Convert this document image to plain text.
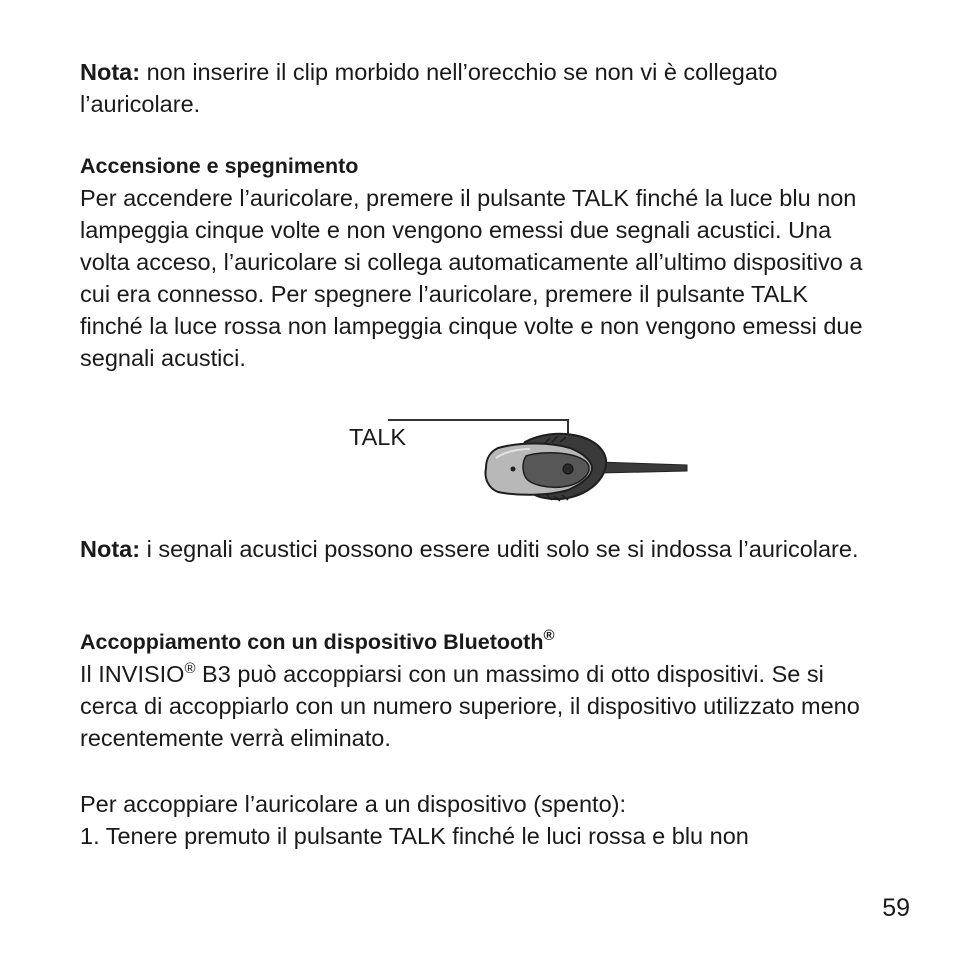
Nota: non inserire il clip morbido nell’orecchio se non vi è collegato l’auricolare.

Accensione e spegnimento
Per accendere l’auricolare, premere il pulsante TALK finché la luce blu non lampeggia cinque volte e non vengono emessi due segnali acustici. Una volta acceso, l’auricolare si collega automaticamente all’ultimo dispositivo a cui era connesso. Per spegnere l’auricolare, premere il pulsante TALK finché la luce rossa non lampeggia cinque volte e non vengono emessi due segnali acustici.

TALK

Nota: i segnali acustici possono essere uditi solo se si indossa l’auricolare.

Accoppiamento con un dispositivo Bluetooth®
Il INVISIO® B3 può accoppiarsi con un massimo di otto dispositivi. Se si cerca di accoppiarlo con un numero superiore, il dispositivo utilizzato meno recentemente verrà eliminato.
Per accoppiare l’auricolare a un dispositivo (spento):
1. Tenere premuto il pulsante TALK finché le luci rossa e blu non

59
